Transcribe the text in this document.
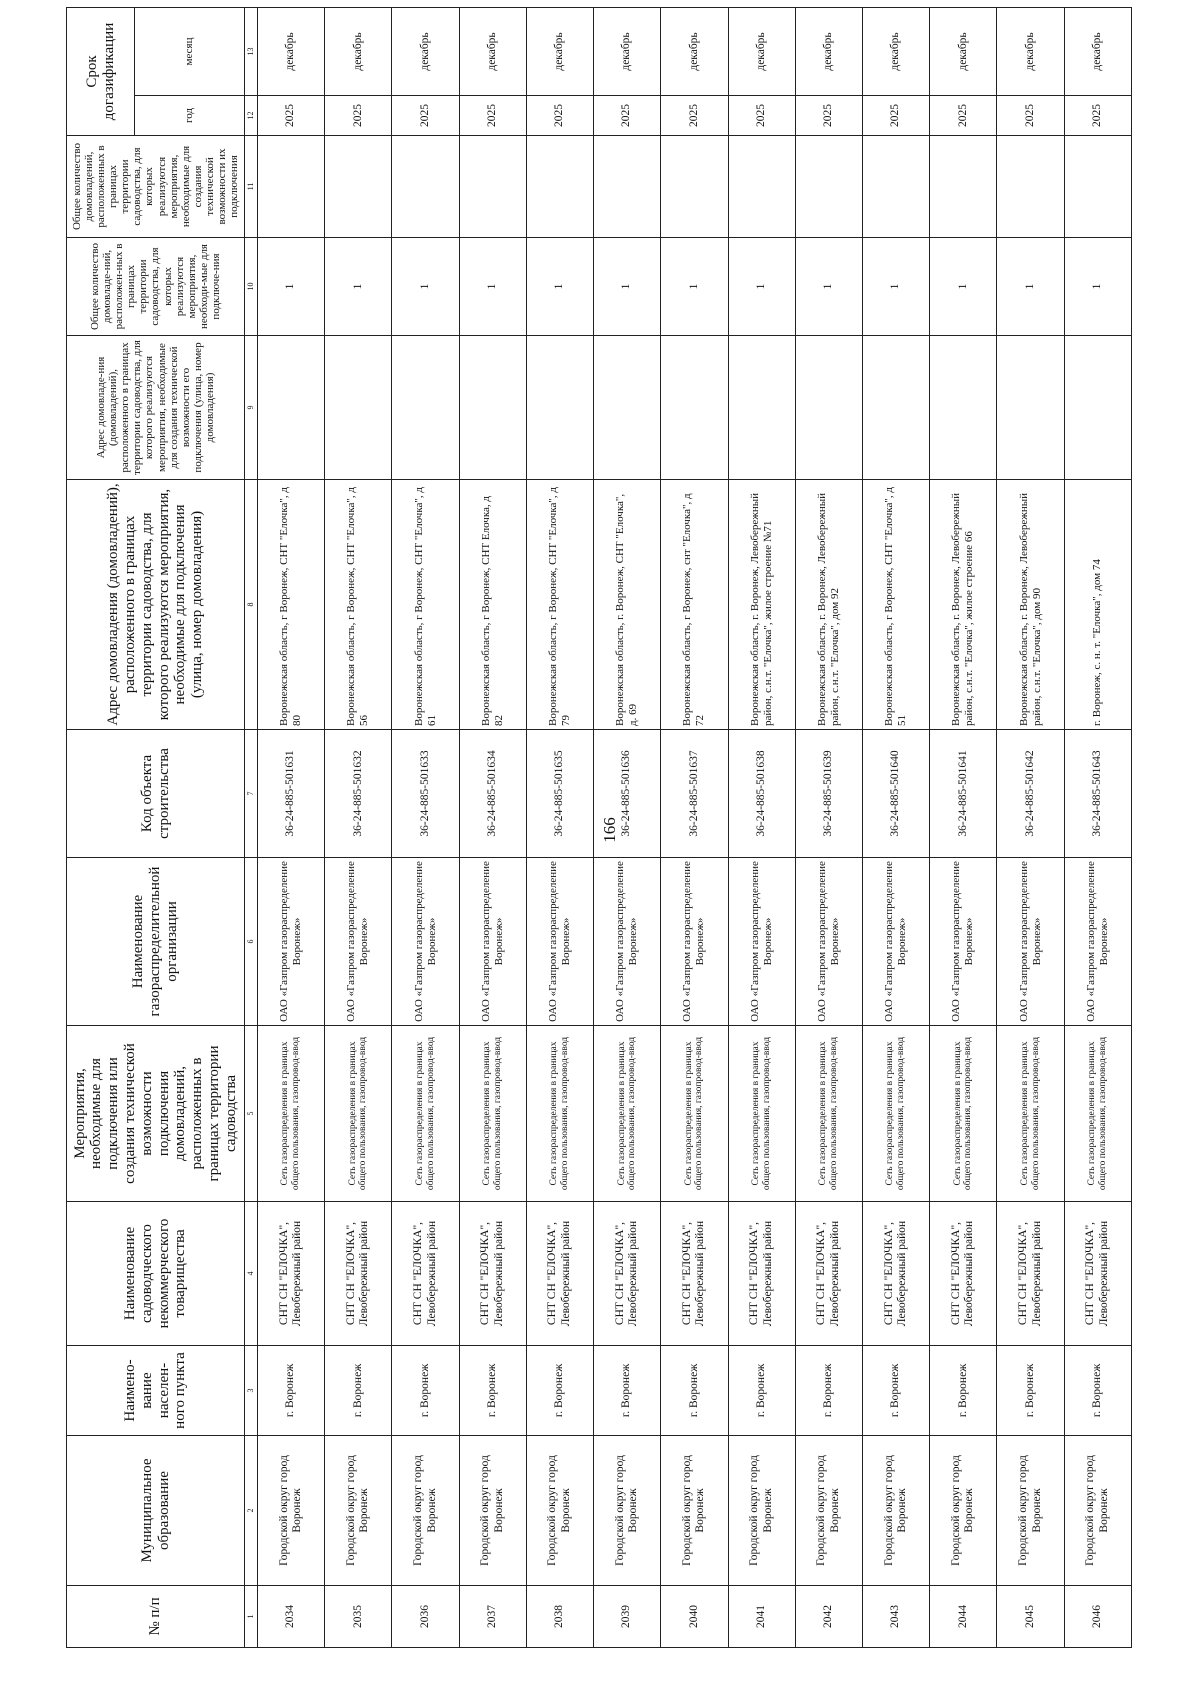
166
№ п/п	Муниципальное образование	Наимено-вание населен-ного пункта	Наименование садоводческого некоммерческого товарищества	Мероприятия, необходимые для подключения или создания технической возможности подключения домовладений, расположенных в границах территории садоводства	Наименование газораспределительной организации	Код объекта строительства	Адрес домовладения (домовладений), расположенного в границах территории садоводства, для которого реализуются мероприятия, необходимые для подключения (улица, номер домовладения)	Адрес домовладе-ния (домовладений), расположенного в границах территории садоводства, для которого реализуются мероприятия, необходимые для создания технической возможности его подключения (улица, номер домовладения)	Общее количество домовладе-ний, расположен-ных в границах территории садоводства, для которых реализуются мероприятия, необходи-мые для подключе-ния	Общее количество домовладений, расположенных в границах территории садоводства, для которых реализуются мероприятия, необходимые для создания технической возможности их подключения	Срок догазификации	
											год	месяц
1	2	3	4	5	6	7	8	9	10	11	12	13
2034	Городской округ город Воронеж	г. Воронеж	СНТ СН "ЕЛОЧКА", Левобережный район	Сеть газораспределения в границах общего пользования, газопровод-ввод	ОАО «Газпром газораспределение Воронеж»	36-24-885-501631	Воронежская область, г Воронеж, СНТ "Елочка", д 80		1		2025	декабрь
2035	Городской округ город Воронеж	г. Воронеж	СНТ СН "ЕЛОЧКА", Левобережный район	Сеть газораспределения в границах общего пользования, газопровод-ввод	ОАО «Газпром газораспределение Воронеж»	36-24-885-501632	Воронежская область, г Воронеж, СНТ "Елочка", д 56		1		2025	декабрь
2036	Городской округ город Воронеж	г. Воронеж	СНТ СН "ЕЛОЧКА", Левобережный район	Сеть газораспределения в границах общего пользования, газопровод-ввод	ОАО «Газпром газораспределение Воронеж»	36-24-885-501633	Воронежская область, г Воронеж, СНТ "Елочка", д 61		1		2025	декабрь
2037	Городской округ город Воронеж	г. Воронеж	СНТ СН "ЕЛОЧКА", Левобережный район	Сеть газораспределения в границах общего пользования, газопровод-ввод	ОАО «Газпром газораспределение Воронеж»	36-24-885-501634	Воронежская область, г Воронеж, СНТ Елочка, д 82		1		2025	декабрь
2038	Городской округ город Воронеж	г. Воронеж	СНТ СН "ЕЛОЧКА", Левобережный район	Сеть газораспределения в границах общего пользования, газопровод-ввод	ОАО «Газпром газораспределение Воронеж»	36-24-885-501635	Воронежская область, г Воронеж, СНТ "Елочка", д 79		1		2025	декабрь
2039	Городской округ город Воронеж	г. Воронеж	СНТ СН "ЕЛОЧКА", Левобережный район	Сеть газораспределения в границах общего пользования, газопровод-ввод	ОАО «Газпром газораспределение Воронеж»	36-24-885-501636	Воронежская область, г. Воронеж, СНТ "Елочка", д. 69		1		2025	декабрь
2040	Городской округ город Воронеж	г. Воронеж	СНТ СН "ЕЛОЧКА", Левобережный район	Сеть газораспределения в границах общего пользования, газопровод-ввод	ОАО «Газпром газораспределение Воронеж»	36-24-885-501637	Воронежская область, г Воронеж, снт "Елочка", д 72		1		2025	декабрь
2041	Городской округ город Воронеж	г. Воронеж	СНТ СН "ЕЛОЧКА", Левобережный район	Сеть газораспределения в границах общего пользования, газопровод-ввод	ОАО «Газпром газораспределение Воронеж»	36-24-885-501638	Воронежская область, г. Воронеж, Левобережный район, с.н.т. "Елочка", жилое строение №71		1		2025	декабрь
2042	Городской округ город Воронеж	г. Воронеж	СНТ СН "ЕЛОЧКА", Левобережный район	Сеть газораспределения в границах общего пользования, газопровод-ввод	ОАО «Газпром газораспределение Воронеж»	36-24-885-501639	Воронежская область, г. Воронеж, Левобережный район, с.н.т. "Елочка", дом 92		1		2025	декабрь
2043	Городской округ город Воронеж	г. Воронеж	СНТ СН "ЕЛОЧКА", Левобережный район	Сеть газораспределения в границах общего пользования, газопровод-ввод	ОАО «Газпром газораспределение Воронеж»	36-24-885-501640	Воронежская область, г Воронеж, СНТ "Елочка", д 51		1		2025	декабрь
2044	Городской округ город Воронеж	г. Воронеж	СНТ СН "ЕЛОЧКА", Левобережный район	Сеть газораспределения в границах общего пользования, газопровод-ввод	ОАО «Газпром газораспределение Воронеж»	36-24-885-501641	Воронежская область, г. Воронеж, Левобережный район, с.н.т. "Елочка", жилое строение 66		1		2025	декабрь
2045	Городской округ город Воронеж	г. Воронеж	СНТ СН "ЕЛОЧКА", Левобережный район	Сеть газораспределения в границах общего пользования, газопровод-ввод	ОАО «Газпром газораспределение Воронеж»	36-24-885-501642	Воронежская область, г. Воронеж, Левобережный район, с.н.т. "Елочка", дом 90		1		2025	декабрь
2046	Городской округ город Воронеж	г. Воронеж	СНТ СН "ЕЛОЧКА", Левобережный район	Сеть газораспределения в границах общего пользования, газопровод-ввод	ОАО «Газпром газораспределение Воронеж»	36-24-885-501643	г. Воронеж, с. н. т. "Елочка", дом 74		1		2025	декабрь
